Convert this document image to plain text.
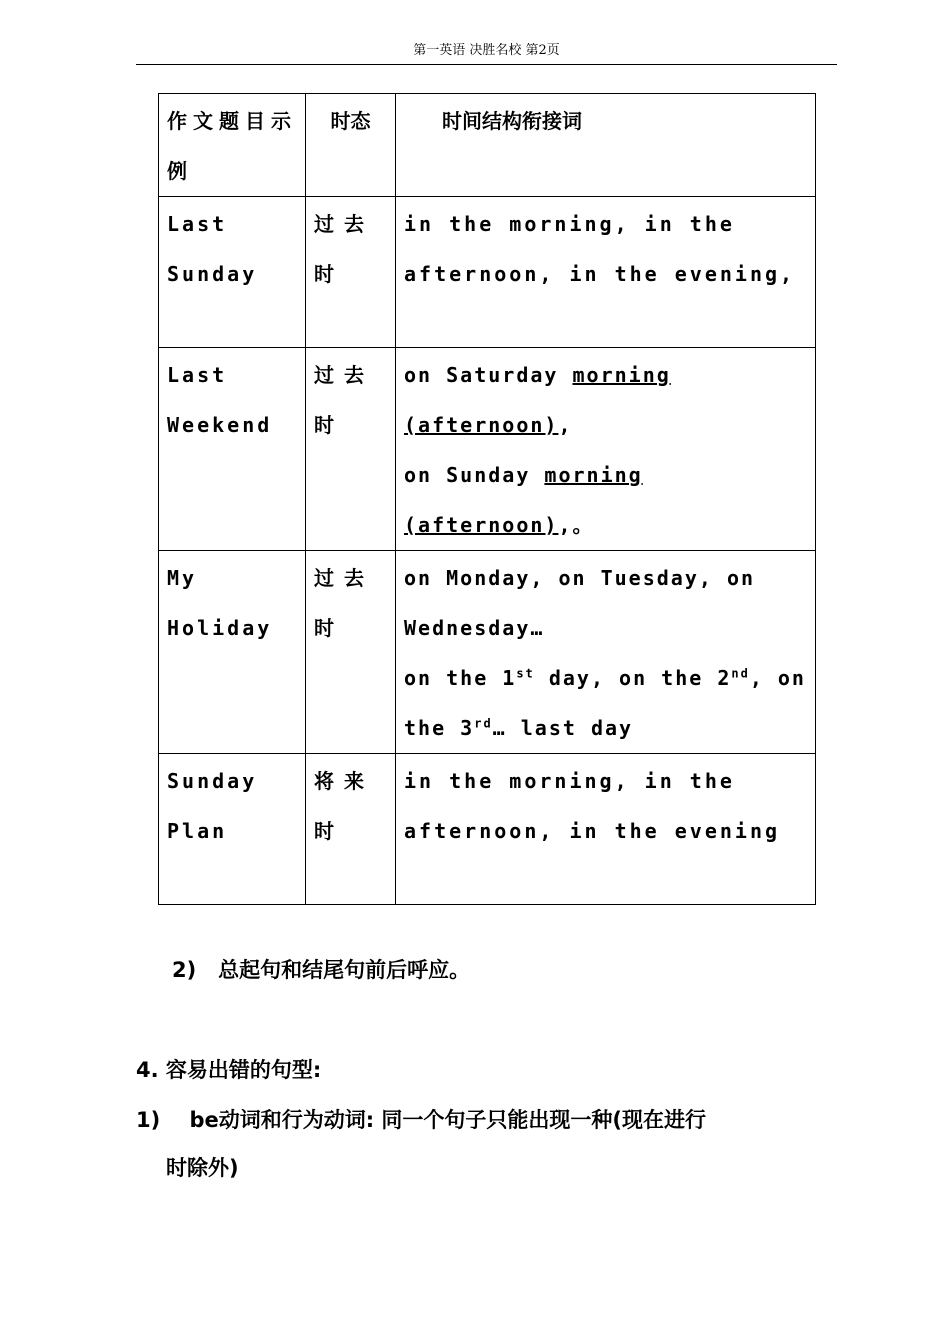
第一英语 决胜名校 第2页
作文题目示例	时态	时间结构衔接词
Last Sunday	过去时	in the morning, in the afternoon, in the evening,
Last Weekend	过去时	on Saturday morning (afternoon),
on Sunday morning (afternoon),。
My Holiday	过去时	on Monday, on Tuesday, on Wednesday…
on the 1st day, on the 2nd, on the 3rd… last day
Sunday Plan	将来时	in the morning, in the afternoon, in the evening
2)   总起句和结尾句前后呼应。
4. 容易出错的句型:
1)    be动词和行为动词: 同一个句子只能出现一种(现在进行
时除外)
